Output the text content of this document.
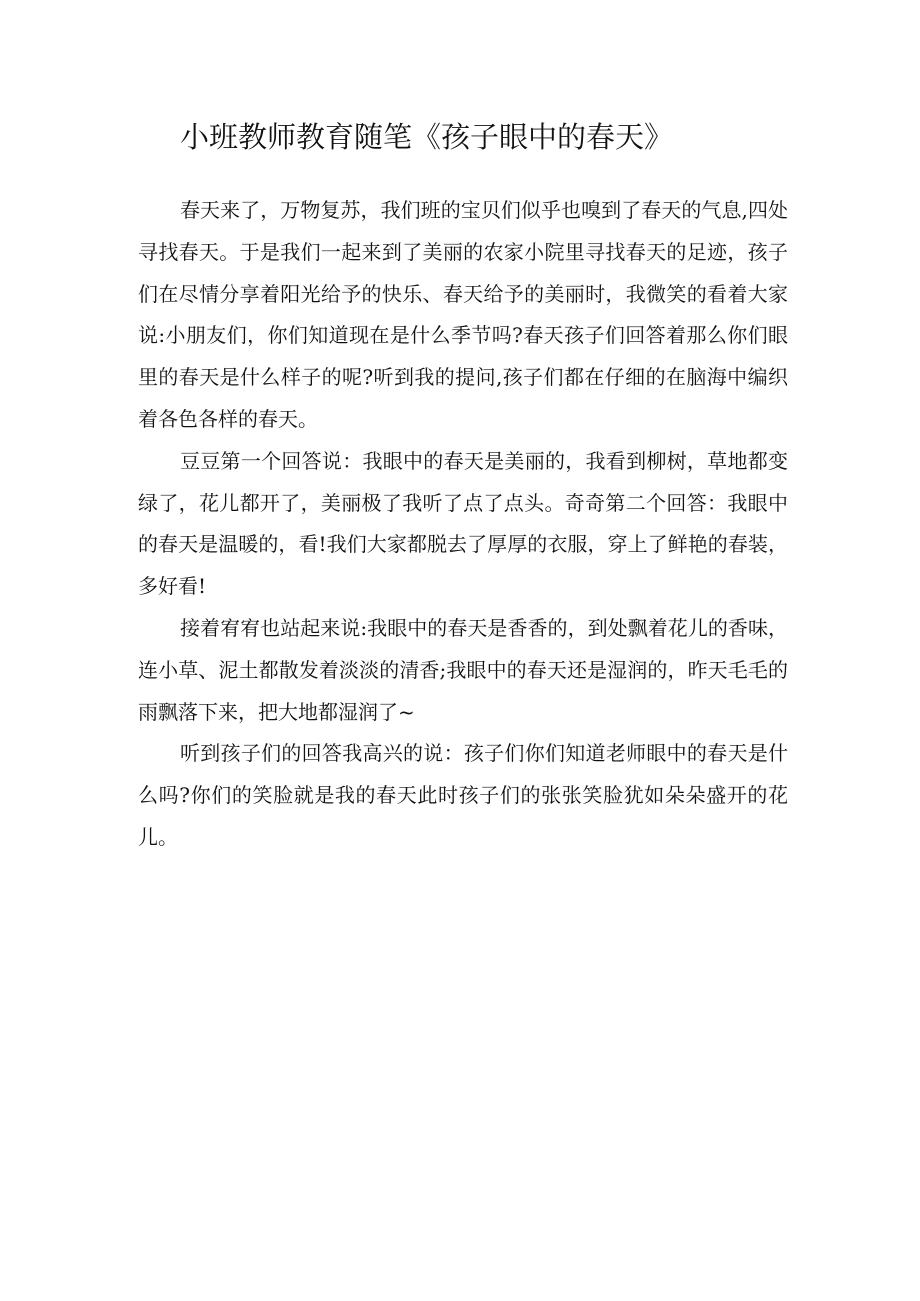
小班教师教育随笔《孩子眼中的春天》

春天来了，万物复苏，我们班的宝贝们似乎也嗅到了春天的气息,四处寻找春天。于是我们一起来到了美丽的农家小院里寻找春天的足迹，孩子们在尽情分享着阳光给予的快乐、春天给予的美丽时，我微笑的看着大家说:小朋友们，你们知道现在是什么季节吗?春天孩子们回答着那么你们眼里的春天是什么样子的呢?听到我的提问,孩子们都在仔细的在脑海中编织着各色各样的春天。

豆豆第一个回答说：我眼中的春天是美丽的，我看到柳树，草地都变绿了，花儿都开了，美丽极了我听了点了点头。奇奇第二个回答：我眼中的春天是温暖的，看!我们大家都脱去了厚厚的衣服，穿上了鲜艳的春装，多好看!

接着宥宥也站起来说:我眼中的春天是香香的，到处飘着花儿的香味，连小草、泥土都散发着淡淡的清香;我眼中的春天还是湿润的，昨天毛毛的雨飘落下来，把大地都湿润了~

听到孩子们的回答我高兴的说：孩子们你们知道老师眼中的春天是什么吗?你们的笑脸就是我的春天此时孩子们的张张笑脸犹如朵朵盛开的花儿。
